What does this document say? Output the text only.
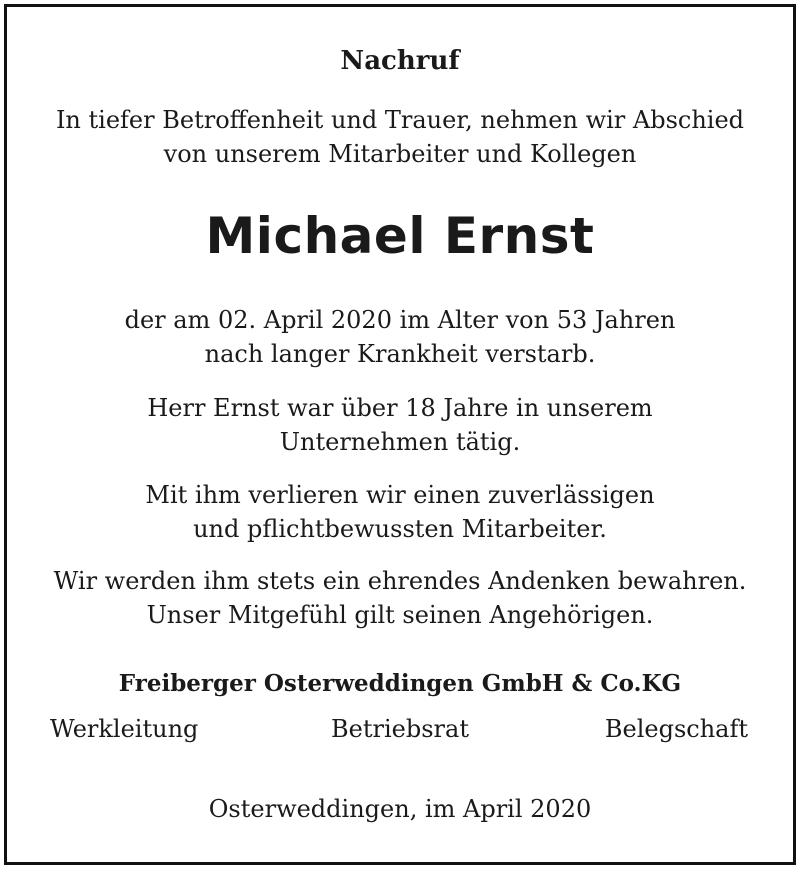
Nachruf
In tiefer Betroffenheit und Trauer, nehmen wir Abschied
von unserem Mitarbeiter und Kollegen
Michael Ernst
der am 02. April 2020 im Alter von 53 Jahren
nach langer Krankheit verstarb.
Herr Ernst war über 18 Jahre in unserem
Unternehmen tätig.
Mit ihm verlieren wir einen zuverlässigen
und pflichtbewussten Mitarbeiter.
Wir werden ihm stets ein ehrendes Andenken bewahren.
Unser Mitgefühl gilt seinen Angehörigen.
Freiberger Osterweddingen GmbH & Co.KG
Werkleitung	Betriebsrat	Belegschaft
Osterweddingen, im April 2020
